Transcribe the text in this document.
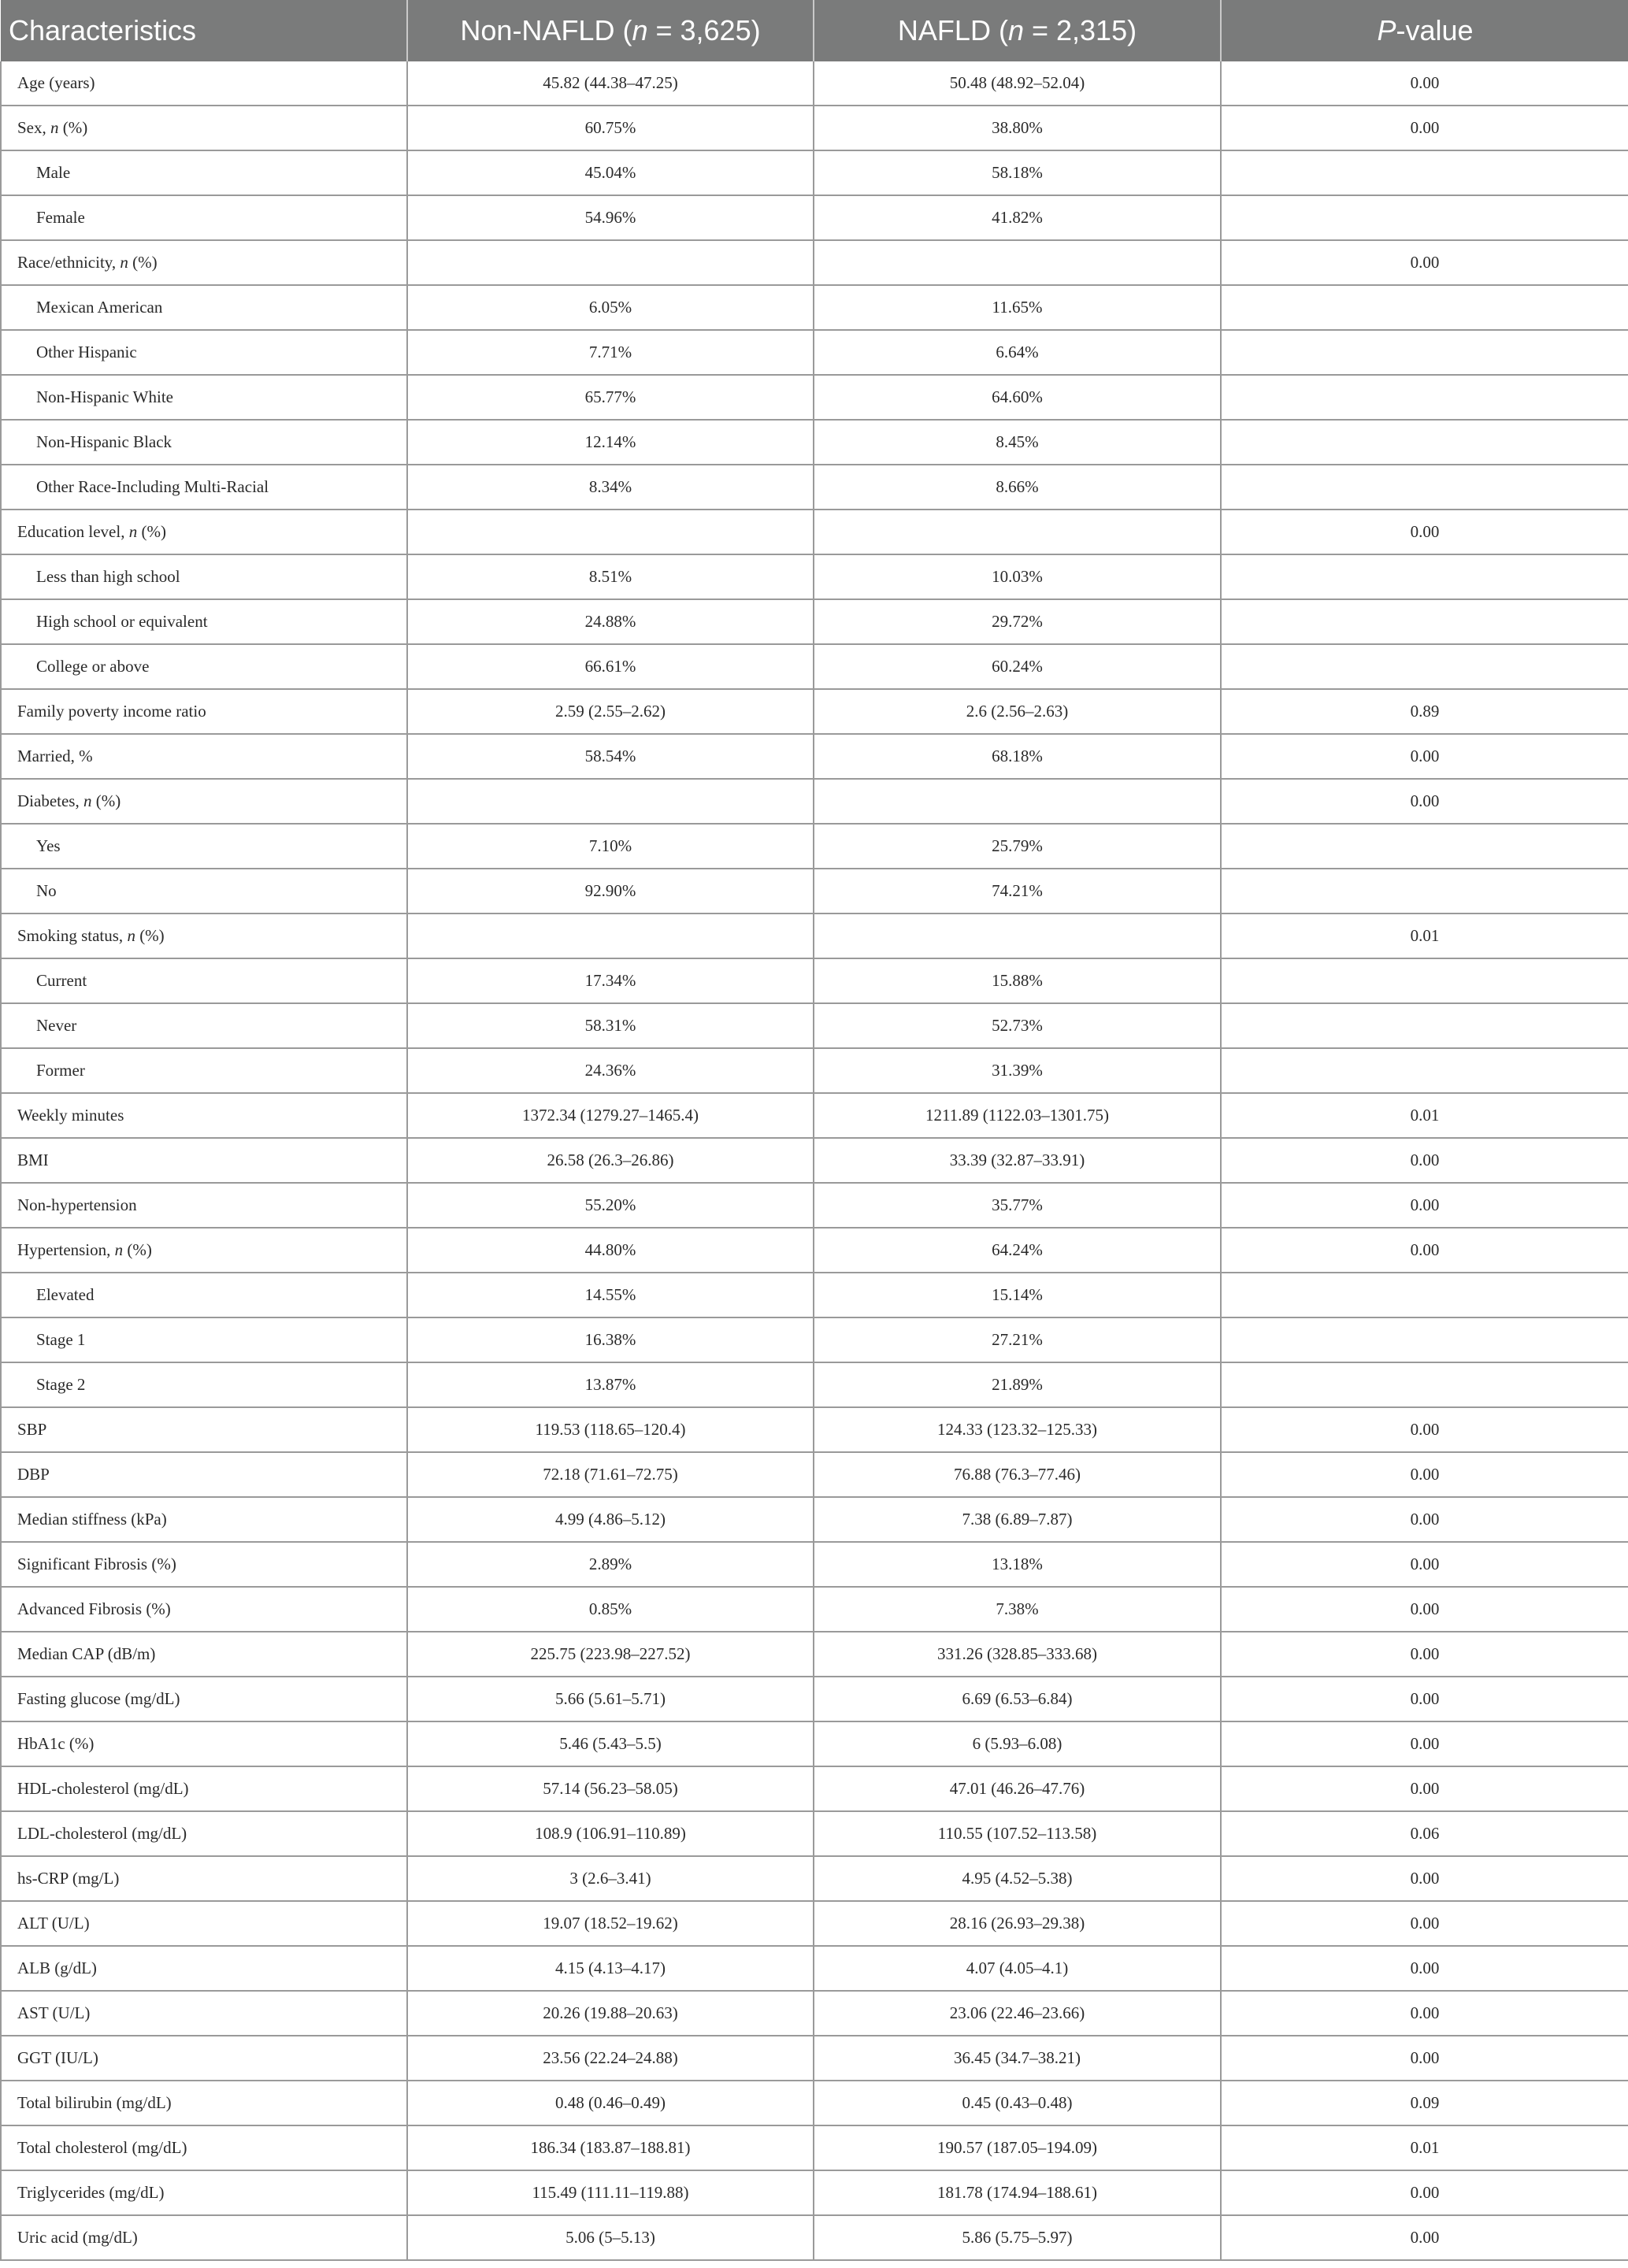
Characteristics	Non-NAFLD (n = 3,625)	NAFLD (n = 2,315)	P-value
Age (years)	45.82 (44.38–47.25)	50.48 (48.92–52.04)	0.00
Sex, n (%)	60.75%	38.80%	0.00
Male	45.04%	58.18%	
Female	54.96%	41.82%	
Race/ethnicity, n (%)			0.00
Mexican American	6.05%	11.65%	
Other Hispanic	7.71%	6.64%	
Non-Hispanic White	65.77%	64.60%	
Non-Hispanic Black	12.14%	8.45%	
Other Race-Including Multi-Racial	8.34%	8.66%	
Education level, n (%)			0.00
Less than high school	8.51%	10.03%	
High school or equivalent	24.88%	29.72%	
College or above	66.61%	60.24%	
Family poverty income ratio	2.59 (2.55–2.62)	2.6 (2.56–2.63)	0.89
Married, %	58.54%	68.18%	0.00
Diabetes, n (%)			0.00
Yes	7.10%	25.79%	
No	92.90%	74.21%	
Smoking status, n (%)			0.01
Current	17.34%	15.88%	
Never	58.31%	52.73%	
Former	24.36%	31.39%	
Weekly minutes	1372.34 (1279.27–1465.4)	1211.89 (1122.03–1301.75)	0.01
BMI	26.58 (26.3–26.86)	33.39 (32.87–33.91)	0.00
Non-hypertension	55.20%	35.77%	0.00
Hypertension, n (%)	44.80%	64.24%	0.00
Elevated	14.55%	15.14%	
Stage 1	16.38%	27.21%	
Stage 2	13.87%	21.89%	
SBP	119.53 (118.65–120.4)	124.33 (123.32–125.33)	0.00
DBP	72.18 (71.61–72.75)	76.88 (76.3–77.46)	0.00
Median stiffness (kPa)	4.99 (4.86–5.12)	7.38 (6.89–7.87)	0.00
Significant Fibrosis (%)	2.89%	13.18%	0.00
Advanced Fibrosis (%)	0.85%	7.38%	0.00
Median CAP (dB/m)	225.75 (223.98–227.52)	331.26 (328.85–333.68)	0.00
Fasting glucose (mg/dL)	5.66 (5.61–5.71)	6.69 (6.53–6.84)	0.00
HbA1c (%)	5.46 (5.43–5.5)	6 (5.93–6.08)	0.00
HDL-cholesterol (mg/dL)	57.14 (56.23–58.05)	47.01 (46.26–47.76)	0.00
LDL-cholesterol (mg/dL)	108.9 (106.91–110.89)	110.55 (107.52–113.58)	0.06
hs-CRP (mg/L)	3 (2.6–3.41)	4.95 (4.52–5.38)	0.00
ALT (U/L)	19.07 (18.52–19.62)	28.16 (26.93–29.38)	0.00
ALB (g/dL)	4.15 (4.13–4.17)	4.07 (4.05–4.1)	0.00
AST (U/L)	20.26 (19.88–20.63)	23.06 (22.46–23.66)	0.00
GGT (IU/L)	23.56 (22.24–24.88)	36.45 (34.7–38.21)	0.00
Total bilirubin (mg/dL)	0.48 (0.46–0.49)	0.45 (0.43–0.48)	0.09
Total cholesterol (mg/dL)	186.34 (183.87–188.81)	190.57 (187.05–194.09)	0.01
Triglycerides (mg/dL)	115.49 (111.11–119.88)	181.78 (174.94–188.61)	0.00
Uric acid (mg/dL)	5.06 (5–5.13)	5.86 (5.75–5.97)	0.00
